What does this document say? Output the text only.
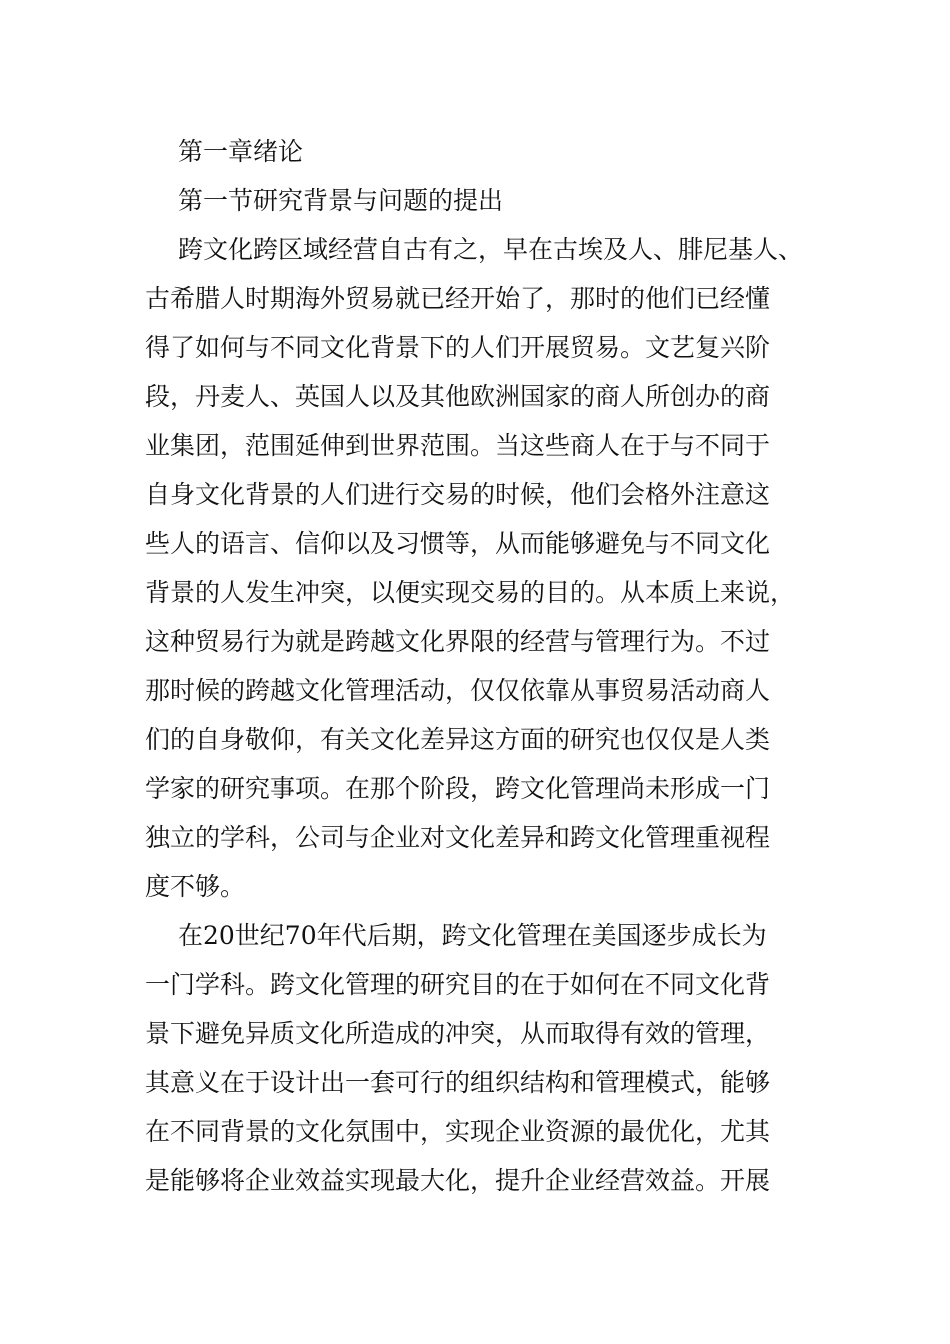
第一章绪论
第一节研究背景与问题的提出

跨文化跨区域经营自古有之，早在古埃及人、腓尼基人、
古希腊人时期海外贸易就已经开始了，那时的他们已经懂
得了如何与不同文化背景下的人们开展贸易。文艺复兴阶
段，丹麦人、英国人以及其他欧洲国家的商人所创办的商
业集团，范围延伸到世界范围。当这些商人在于与不同于
自身文化背景的人们进行交易的时候，他们会格外注意这
些人的语言、信仰以及习惯等，从而能够避免与不同文化
背景的人发生冲突，以便实现交易的目的。从本质上来说，
这种贸易行为就是跨越文化界限的经营与管理行为。不过
那时候的跨越文化管理活动，仅仅依靠从事贸易活动商人
们的自身敬仰，有关文化差异这方面的研究也仅仅是人类
学家的研究事项。在那个阶段，跨文化管理尚未形成一门
独立的学科，公司与企业对文化差异和跨文化管理重视程
度不够。

在20世纪70年代后期，跨文化管理在美国逐步成长为
一门学科。跨文化管理的研究目的在于如何在不同文化背
景下避免异质文化所造成的冲突，从而取得有效的管理，
其意义在于设计出一套可行的组织结构和管理模式，能够
在不同背景的文化氛围中，实现企业资源的最优化，尤其
是能够将企业效益实现最大化，提升企业经营效益。开展
